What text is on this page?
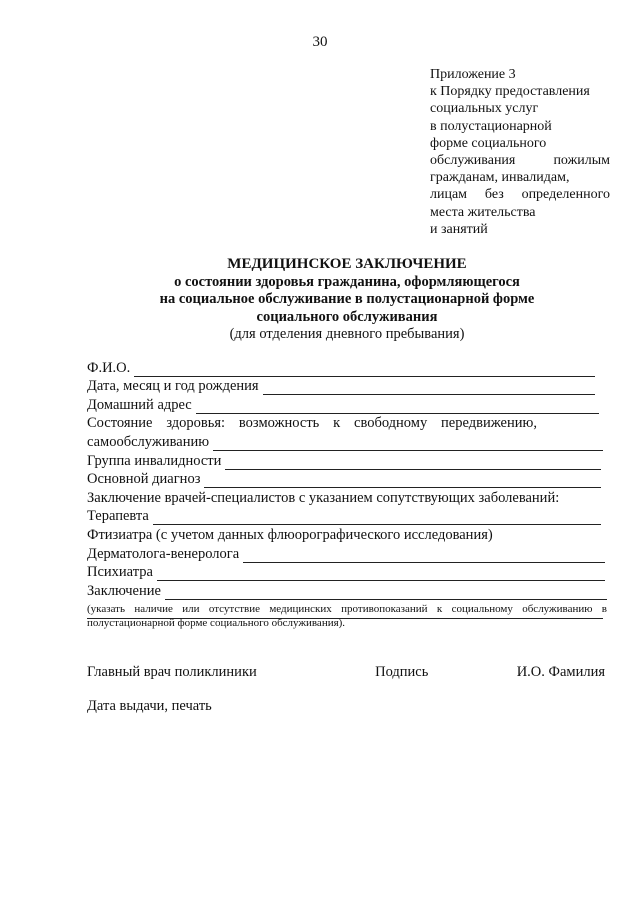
30
Приложение 3
к Порядку предоставления
социальных услуг
в полустационарной
форме социального
обслуживания	пожилым
гражданам, инвалидам,
лицам без определенного
места жительства
и занятий
МЕДИЦИНСКОЕ ЗАКЛЮЧЕНИЕ
о состоянии здоровья гражданина, оформляющегося
на социальное обслуживание в полустационарной форме
социального обслуживания
(для отделения дневного пребывания)
Ф.И.О.
Дата, месяц и год рождения
Домашний адрес
Состояние здоровья: возможность к свободному передвижению,
самообслуживанию
Группа инвалидности
Основной диагноз
Заключение врачей-специалистов с указанием сопутствующих заболеваний:
Терапевта
Фтизиатра (с учетом данных флюорографического исследования)
Дерматолога-венеролога
Психиатра
Заключение
(указать наличие или отсутствие медицинских противопоказаний к социальному обслуживанию в полустационарной форме социального обслуживания).
Главный врач поликлиники	Подпись	И.О. Фамилия
Дата выдачи, печать
